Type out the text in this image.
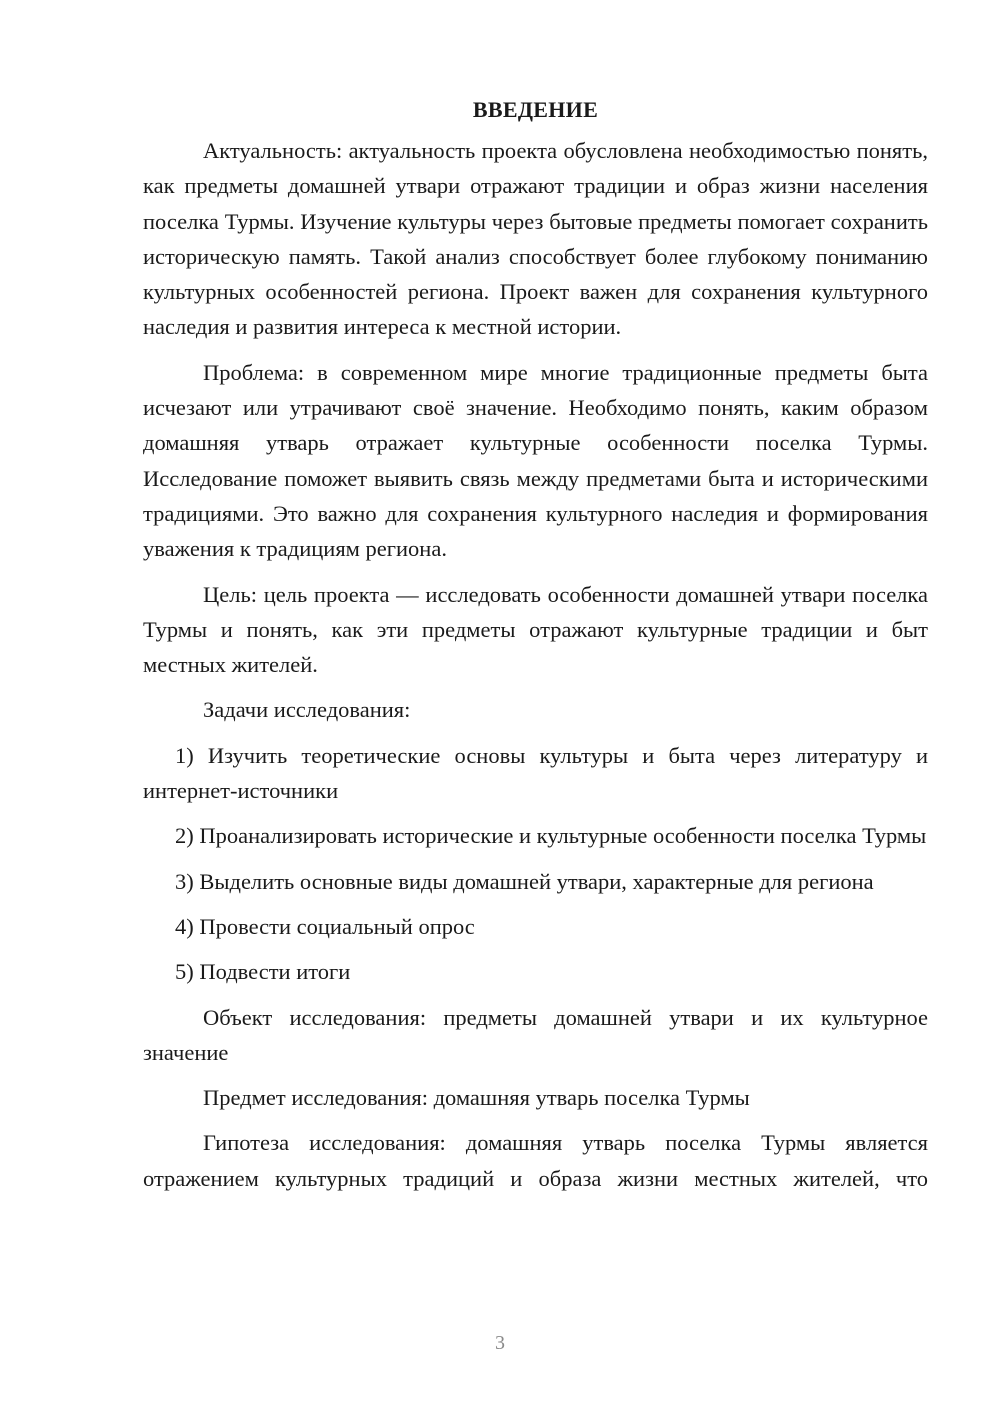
ВВЕДЕНИЕ

Актуальность: актуальность проекта обусловлена необходимостью понять, как предметы домашней утвари отражают традиции и образ жизни населения поселка Турмы. Изучение культуры через бытовые предметы помогает сохранить историческую память. Такой анализ способствует более глубокому пониманию культурных особенностей региона. Проект важен для сохранения культурного наследия и развития интереса к местной истории.

Проблема: в современном мире многие традиционные предметы быта исчезают или утрачивают своё значение. Необходимо понять, каким образом домашняя утварь отражает культурные особенности поселка Турмы. Исследование поможет выявить связь между предметами быта и историческими традициями. Это важно для сохранения культурного наследия и формирования уважения к традициям региона.

Цель: цель проекта — исследовать особенности домашней утвари поселка Турмы и понять, как эти предметы отражают культурные традиции и быт местных жителей.

Задачи исследования:

1) Изучить теоретические основы культуры и быта через литературу и интернет-источники

2) Проанализировать исторические и культурные особенности поселка Турмы

3) Выделить основные виды домашней утвари, характерные для региона

4) Провести социальный опрос

5) Подвести итоги

Объект исследования: предметы домашней утвари и их культурное значение

Предмет исследования: домашняя утварь поселка Турмы

Гипотеза исследования: домашняя утварь поселка Турмы является отражением культурных традиций и образа жизни местных жителей, что

3
